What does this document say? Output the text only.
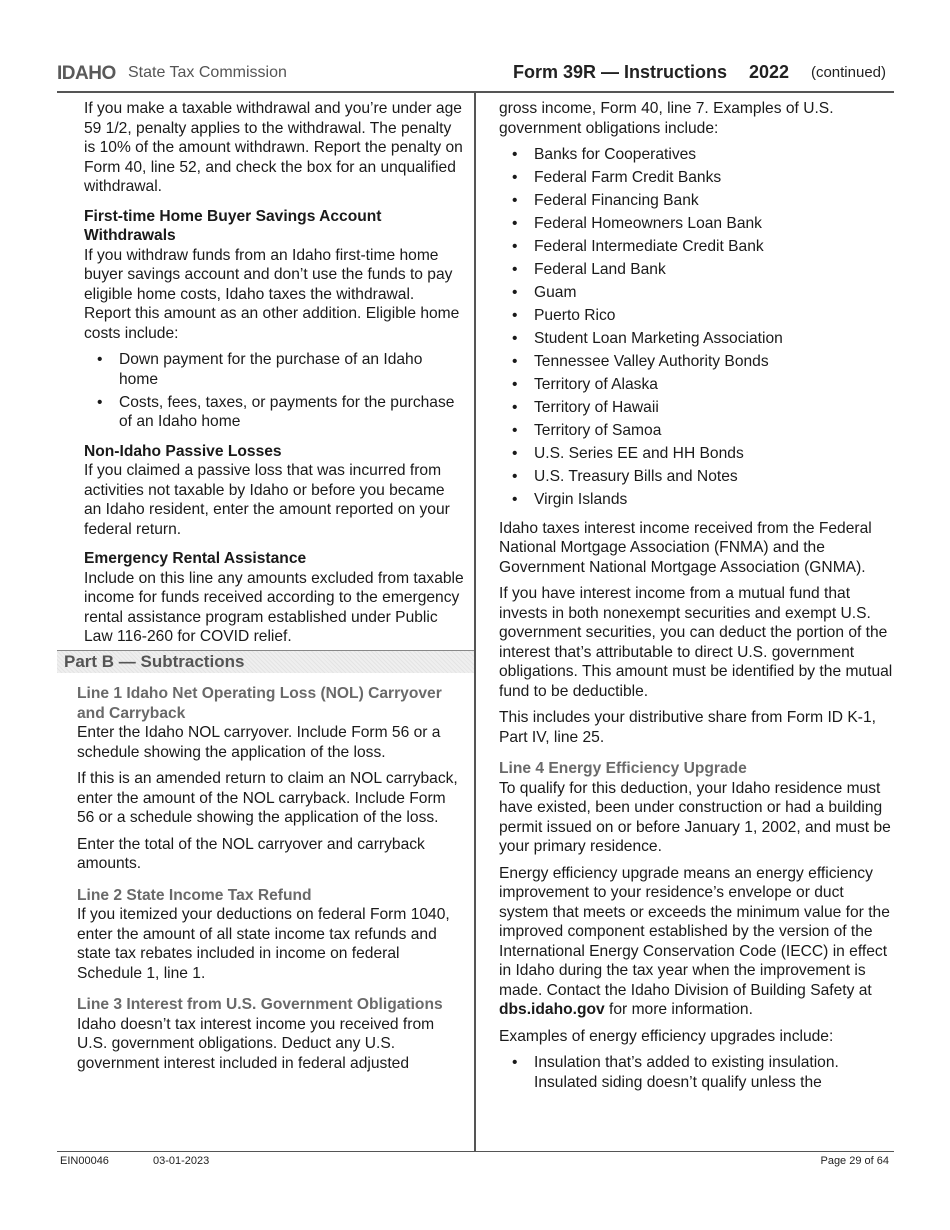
IDAHO State Tax Commission	Form 39R — Instructions 2022 (continued)

If you make a taxable withdrawal and you’re under age 59 1/2, penalty applies to the withdrawal. The penalty is 10% of the amount withdrawn. Report the penalty on Form 40, line 52, and check the box for an unqualified withdrawal.

First-time Home Buyer Savings Account Withdrawals

If you withdraw funds from an Idaho first-time home buyer savings account and don’t use the funds to pay eligible home costs, Idaho taxes the withdrawal. Report this amount as an other addition. Eligible home costs include:

• Down payment for the purchase of an Idaho home
• Costs, fees, taxes, or payments for the purchase of an Idaho home
Non-Idaho Passive Losses

If you claimed a passive loss that was incurred from activities not taxable by Idaho or before you became an Idaho resident, enter the amount reported on your federal return.

Emergency Rental Assistance

Include on this line any amounts excluded from taxable income for funds received according to the emergency rental assistance program established under Public Law 116-260 for COVID relief.

Part B — Subtractions
Line 1 Idaho Net Operating Loss (NOL) Carryover and Carryback

Enter the Idaho NOL carryover. Include Form 56 or a schedule showing the application of the loss.

If this is an amended return to claim an NOL carryback, enter the amount of the NOL carryback. Include Form 56 or a schedule showing the application of the loss.

Enter the total of the NOL carryover and carryback amounts.

Line 2 State Income Tax Refund

If you itemized your deductions on federal Form 1040, enter the amount of all state income tax refunds and state tax rebates included in income on federal Schedule 1, line 1.

Line 3 Interest from U.S. Government Obligations

Idaho doesn’t tax interest income you received from U.S. government obligations. Deduct any U.S. government interest included in federal adjusted

gross income, Form 40, line 7. Examples of U.S. government obligations include:

• Banks for Cooperatives
• Federal Farm Credit Banks
• Federal Financing Bank
• Federal Homeowners Loan Bank
• Federal Intermediate Credit Bank
• Federal Land Bank
• Guam
• Puerto Rico
• Student Loan Marketing Association
• Tennessee Valley Authority Bonds
• Territory of Alaska
• Territory of Hawaii
• Territory of Samoa
• U.S. Series EE and HH Bonds
• U.S. Treasury Bills and Notes
• Virgin Islands

Idaho taxes interest income received from the Federal National Mortgage Association (FNMA) and the Government National Mortgage Association (GNMA).

If you have interest income from a mutual fund that invests in both nonexempt securities and exempt U.S. government securities, you can deduct the portion of the interest that’s attributable to direct U.S. government obligations. This amount must be identified by the mutual fund to be deductible.

This includes your distributive share from Form ID K-1, Part IV, line 25.

Line 4 Energy Efficiency Upgrade

To qualify for this deduction, your Idaho residence must have existed, been under construction or had a building permit issued on or before January 1, 2002, and must be your primary residence.

Energy efficiency upgrade means an energy efficiency improvement to your residence’s envelope or duct system that meets or exceeds the minimum value for the improved component established by the version of the International Energy Conservation Code (IECC) in effect in Idaho during the tax year when the improvement is made. Contact the Idaho Division of Building Safety at dbs.idaho.gov for more information.

Examples of energy efficiency upgrades include:

• Insulation that’s added to existing insulation. Insulated siding doesn’t qualify unless the
EIN00046	03-01-2023	Page 29 of 64
